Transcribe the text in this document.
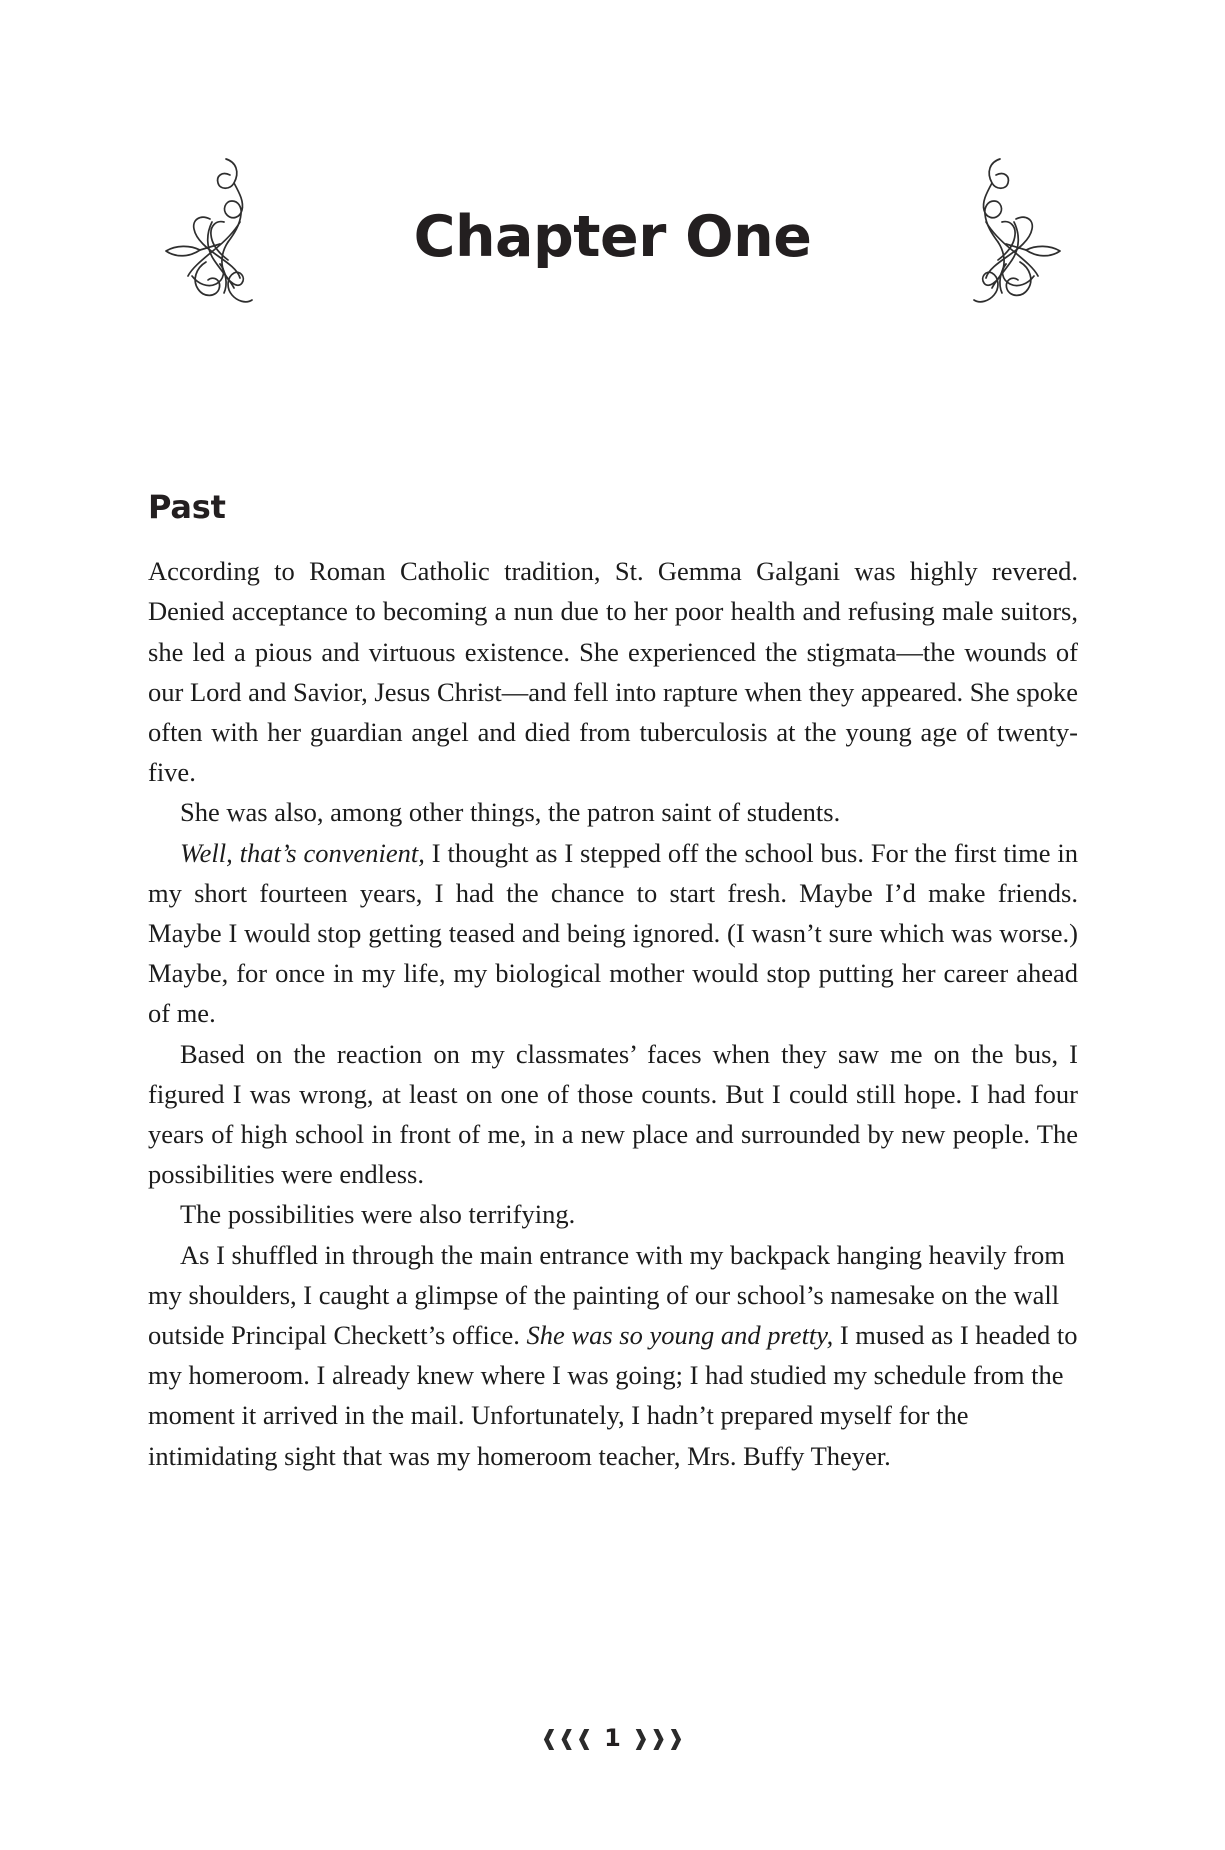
Chapter One
Past

According to Roman Catholic tradition, St. Gemma Galgani was highly revered. Denied acceptance to becoming a nun due to her poor health and refusing male suitors, she led a pious and virtuous existence. She experienced the stigmata—the wounds of our Lord and Savior, Jesus Christ—and fell into rapture when they appeared. She spoke often with her guardian angel and died from tuberculosis at the young age of twenty-five.

She was also, among other things, the patron saint of students.

Well, that’s convenient, I thought as I stepped off the school bus. For the first time in my short fourteen years, I had the chance to start fresh. Maybe I’d make friends. Maybe I would stop getting teased and being ignored. (I wasn’t sure which was worse.) Maybe, for once in my life, my biological mother would stop putting her career ahead of me.

Based on the reaction on my classmates’ faces when they saw me on the bus, I figured I was wrong, at least on one of those counts. But I could still hope. I had four years of high school in front of me, in a new place and surrounded by new people. The possibilities were endless.

The possibilities were also terrifying.

As I shuffled in through the main entrance with my backpack hanging heavily from my shoulders, I caught a glimpse of the painting of our school’s namesake on the wall outside Principal Checkett’s office. She was so young and pretty, I mused as I headed to my homeroom. I already knew where I was going; I had studied my schedule from the moment it arrived in the mail. Unfortunately, I hadn’t prepared myself for the intimidating sight that was my homeroom teacher, Mrs. Buffy Theyer.

❰❰❰ 1 ❱❱❱
